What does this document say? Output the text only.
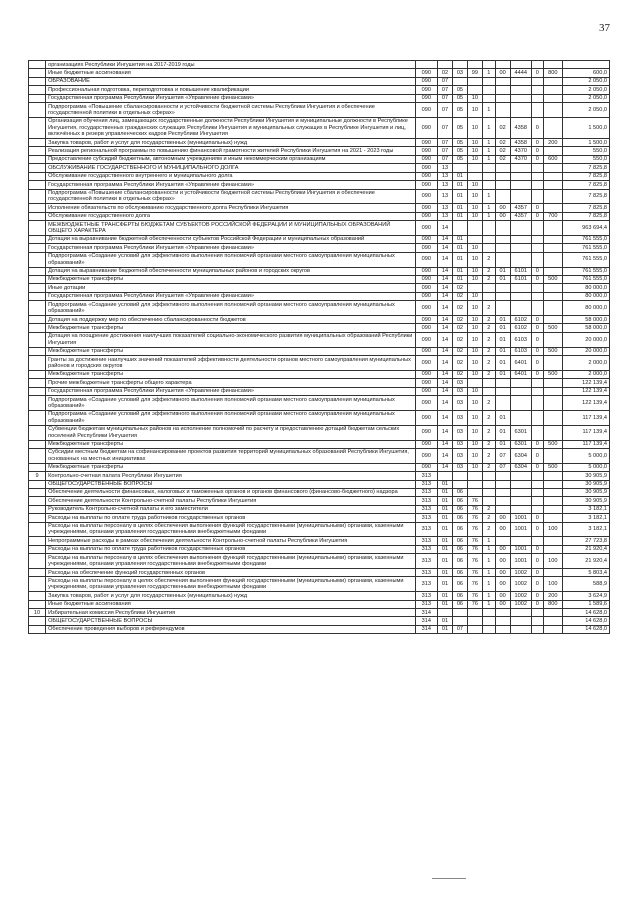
37
	организациях Республики Ингушетия на 2017-2019 годы										
	Иные бюджетные ассигнования	090	02	03	99	1	00	4444	0	800	600,0
	ОБРАЗОВАНИЕ	090	07								2 050,0
	Профессиональная подготовка, переподготовка и повышение квалификации	090	07	05							2 050,0
	Государственная программа Республики Ингушетия «Управление финансами»	090	07	05	10						2 050,0
	Подпрограмма «Повышение сбалансированности и устойчивости бюджетной системы Республики Ингушетия и обеспечение государственной политики в отдельных сферах»	090	07	05	10	1					2 050,0
	Организация обучения лиц, замещающих государственные должности Республики Ингушетия и муниципальные должности в Республике Ингушетия, государственных гражданских служащих Республики Ингушетия и муниципальных служащих в Республике Ингушетия и лиц, включённых в резерв управленческих кадров Республики Ингушетия	090	07	05	10	1	02	4358	0		1 500,0
	Закупка товаров, работ и услуг для государственных (муниципальных) нужд	090	07	05	10	1	02	4358	0	200	1 500,0
	Реализация региональной программы по повышению финансовой грамотности жителей Республики Ингушетия на 2021 - 2023 годы	090	07	05	10	1	02	4370	0		550,0
	Предоставление субсидий бюджетным, автономным учреждениям и иным некоммерческим организациям	090	07	05	10	1	02	4370	0	600	550,0
	ОБСЛУЖИВАНИЕ ГОСУДАРСТВЕННОГО И МУНИЦИПАЛЬНОГО ДОЛГА	090	13								7 825,8
	Обслуживание государственного внутреннего и муниципального долга	090	13	01							7 825,8
	Государственная программа Республики Ингушетия «Управление финансами»	090	13	01	10						7 825,8
	Подпрограмма «Повышение сбалансированности и устойчивости бюджетной системы Республики Ингушетия и обеспечение государственной политики в отдельных сферах»	090	13	01	10	1					7 825,8
	Исполнение обязательств по обслуживанию государственного долга Республики Ингушетия	090	13	01	10	1	00	4357	0		7 825,8
	Обслуживание государственного долга	090	13	01	10	1	00	4357	0	700	7 825,8
	МЕЖБЮДЖЕТНЫЕ ТРАНСФЕРТЫ БЮДЖЕТАМ СУБЪЕКТОВ РОССИЙСКОЙ ФЕДЕРАЦИИ И МУНИЦИПАЛЬНЫХ ОБРАЗОВАНИЙ ОБЩЕГО ХАРАКТЕРА	090	14								963 694,4
	Дотации на выравнивание бюджетной обеспеченности субъектов Российской Федерации и муниципальных образований	090	14	01							761 555,0
	Государственная программа Республики Ингушетия «Управление финансами»	090	14	01	10						761 555,0
	Подпрограмма «Создание условий для эффективного выполнения полномочий органами местного самоуправления муниципальных образований»	090	14	01	10	2					761 555,0
	Дотация на выравнивание бюджетной обеспеченности муниципальных районов и городских округов	090	14	01	10	2	01	6101	0		761 555,0
	Межбюджетные трансферты	090	14	01	10	2	01	6101	0	500	761 555,0
	Иные дотации	090	14	02							80 000,0
	Государственная программа Республики Ингушетия «Управление финансами»	090	14	02	10						80 000,0
	Подпрограмма «Создание условий для эффективного выполнения полномочий органами местного самоуправления муниципальных образований»	090	14	02	10	2					80 000,0
	Дотация на поддержку мер по обеспечению сбалансированности бюджетов	090	14	02	10	2	01	6102	0		58 000,0
	Межбюджетные трансферты	090	14	02	10	2	01	6102	0	500	58 000,0
	Дотация на поощрение достижения наилучших показателей социально-экономического развития муниципальных образований Республики Ингушетия	090	14	02	10	2	01	6103	0		20 000,0
	Межбюджетные трансферты	090	14	02	10	2	01	6103	0	500	20 000,0
	Гранты за достижение наилучших значений показателей эффективности деятельности органов местного самоуправления муниципальных районов и городских округов	090	14	02	10	2	01	6401	0		2 000,0
	Межбюджетные трансферты	090	14	02	10	2	01	6401	0	500	2 000,0
	Прочие межбюджетные трансферты общего характера	090	14	03							122 139,4
	Государственная программа Республики Ингушетия «Управление финансами»	090	14	03	10						122 139,4
	Подпрограмма «Создание условий для эффективного выполнения полномочий органами местного самоуправления муниципальных образований»	090	14	03	10	2					122 139,4
	Подпрограмма «Создание условий для эффективного выполнения полномочий органами местного самоуправления муниципальных образований»	090	14	03	10	2	01				117 139,4
	Субвенции бюджетам муниципальных районов на исполнение полномочий по расчету и предоставлению дотаций бюджетам сельских поселений Республики Ингушетия	090	14	03	10	2	01	6301			117 139,4
	Межбюджетные трансферты	090	14	03	10	2	01	6301	0	500	117 139,4
	Субсидии местным бюджетам на софинансирование проектов развития территорий муниципальных образований Республики Ингушетия, основанных на местных инициативах	090	14	03	10	2	07	6304	0		5 000,0
	Межбюджетные трансферты	090	14	03	10	2	07	6304	0	500	5 000,0
9	Контрольно-счетная палата Республики Ингушетия	313									30 905,9
	ОБЩЕГОСУДАРСТВЕННЫЕ ВОПРОСЫ	313	01								30 905,9
	Обеспечение деятельности финансовых, налоговых и таможенных органов и органов финансового (финансово-бюджетного) надзора	313	01	06							30 905,9
	Обеспечение деятельности Контрольно-счетной палаты Республики Ингушетия	313	01	06	76						30 905,9
	Руководитель Контрольно-счетной палаты и его заместители	313	01	06	76	2					3 182,1
	Расходы на выплаты по оплате труда работников государственных органов	313	01	06	76	2	00	1001	0		3 182,1
	Расходы на выплаты персоналу в целях обеспечения выполнения функций государственными (муниципальными) органами, казенными учреждениями, органами управления государственными внебюджетными фондами	313	01	06	76	2	00	1001	0	100	3 182,1
	Непрограммные расходы в рамках обеспечения деятельности Контрольно-счетной палаты Республики Ингушетия	313	01	06	76	1					27 723,8
	Расходы на выплаты по оплате труда работников государственных органов	313	01	06	76	1	00	1001	0		21 920,4
	Расходы на выплаты персоналу в целях обеспечения выполнения функций государственными (муниципальными) органами, казенными учреждениями, органами управления государственными внебюджетными фондами	313	01	06	76	1	00	1001	0	100	21 920,4
	Расходы на обеспечение функций государственных органов	313	01	06	76	1	00	1002	0		5 803,4
	Расходы на выплаты персоналу в целях обеспечения выполнения функций государственными (муниципальными) органами, казенными учреждениями, органами управления государственными внебюджетными фондами	313	01	06	76	1	00	1002	0	100	588,9
	Закупка товаров, работ и услуг для государственных (муниципальных) нужд	313	01	06	76	1	00	1002	0	200	3 624,9
	Иные бюджетные ассигнования	313	01	06	76	1	00	1002	0	800	1 589,6
10	Избирательная комиссия Республики Ингушетия	314									14 628,0
	ОБЩЕГОСУДАРСТВЕННЫЕ ВОПРОСЫ	314	01								14 628,0
	Обеспечение проведения выборов и референдумов	314	01	07							14 628,0
